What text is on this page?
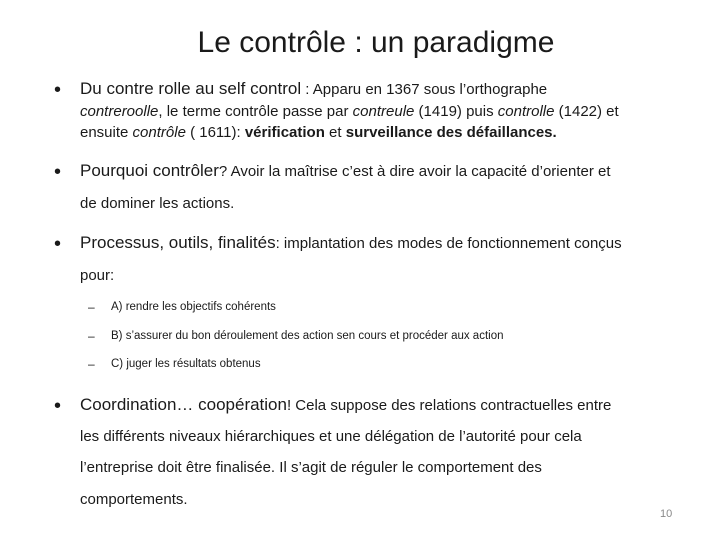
Le contrôle : un paradigme
• Du contre rolle au self control : Apparu en 1367 sous l’orthographe
contreroolle, le terme contrôle passe par contreule (1419) puis controlle (1422) et
ensuite contrôle ( 1611): vérification et surveillance des défaillances.
• Pourquoi contrôler? Avoir la maîtrise c’est à dire avoir la capacité d’orienter et
de dominer les actions.
• Processus, outils, finalités: implantation des modes de fonctionnement conçus
pour:
– A) rendre les objectifs cohérents
– B) s’assurer du bon déroulement des action sen cours et procéder aux action
– C) juger les résultats obtenus
• Coordination… coopération! Cela suppose des relations contractuelles entre
les différents niveaux hiérarchiques et une délégation de l’autorité pour cela
l’entreprise doit être finalisée. Il s’agit de réguler le comportement des
comportements.
10
